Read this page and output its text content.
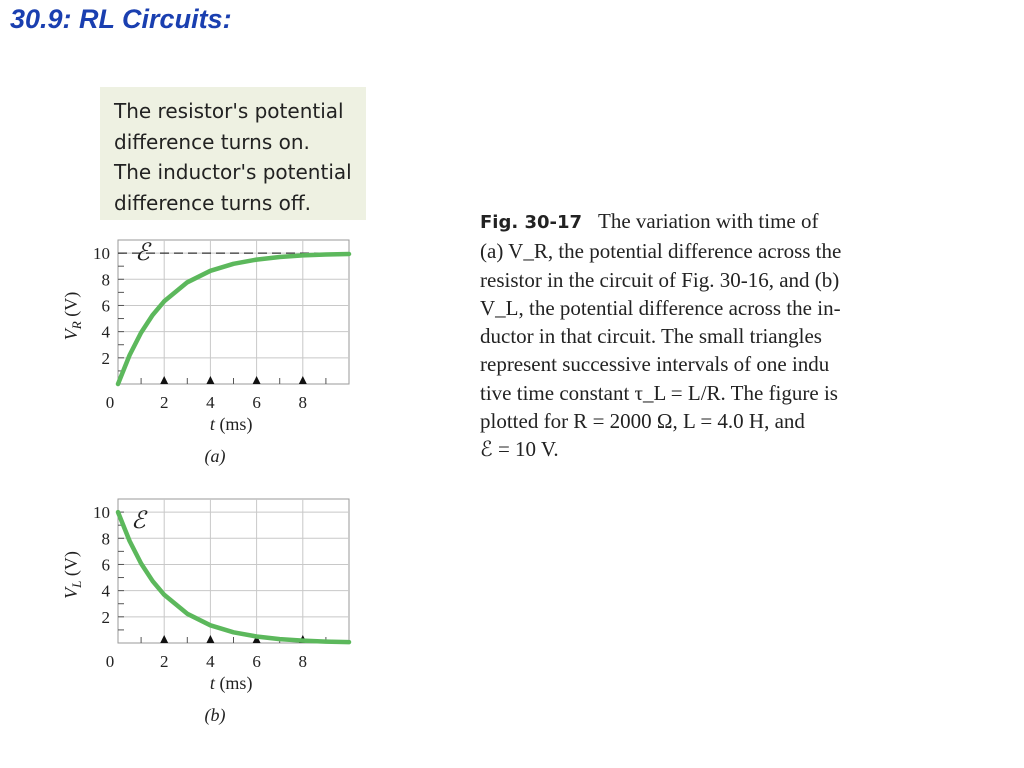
30.9: RL Circuits:
The resistor's potential
difference turns on.
The inductor's potential
difference turns off.
Fig. 30-17 The variation with time of
(a) V_R, the potential difference across the
resistor in the circuit of Fig. 30-16, and (b)
V_L, the potential difference across the in-
ductor in that circuit. The small triangles
represent successive intervals of one indu
tive time constant τ_L = L/R. The figure is
plotted for R = 2000 Ω, L = 4.0 H, and
ℰ = 10 V.
ℰ
10
8
6
4
2
0	2 4 6 8
t (ms)
$V_R$ (V)
(a)
ℰ
10
8
6
4
2
0	2 4 6 8
t (ms)
$V_L$ (V)
(b)
